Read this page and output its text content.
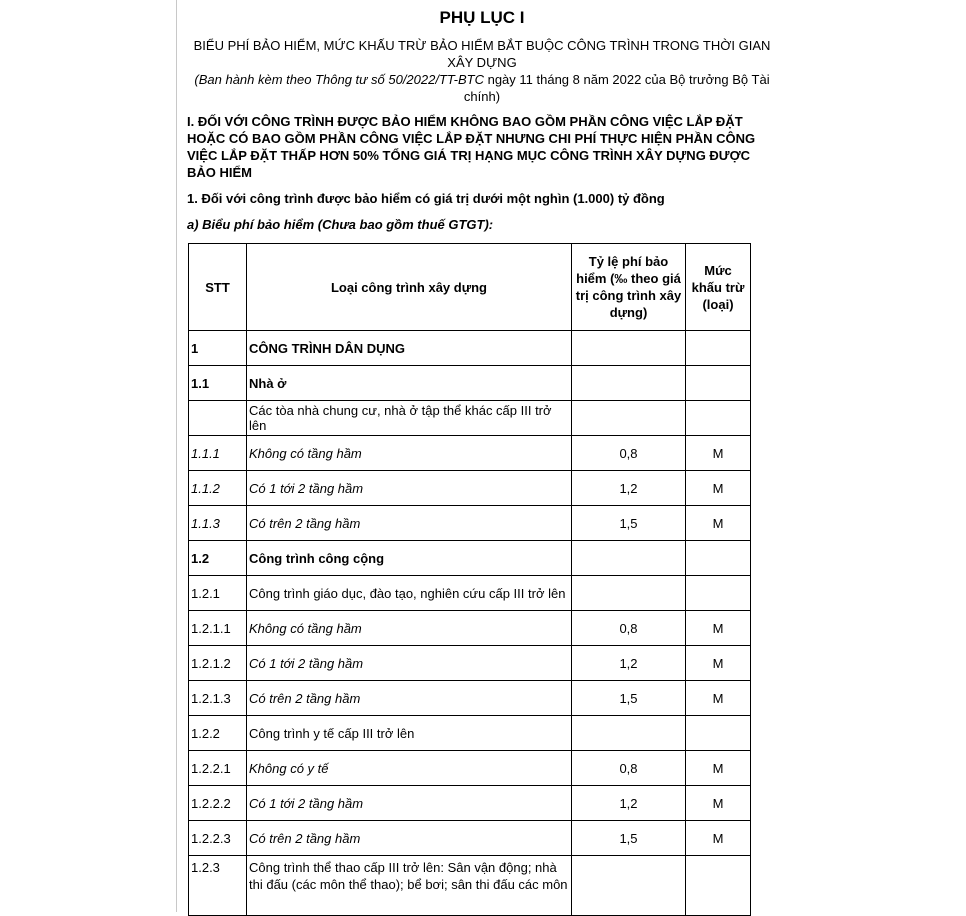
PHỤ LỤC I
BIỂU PHÍ BẢO HIỂM, MỨC KHẤU TRỪ BẢO HIỂM BẮT BUỘC CÔNG TRÌNH TRONG THỜI GIAN XÂY DỰNG
(Ban hành kèm theo Thông tư số 50/2022/TT-BTC ngày 11 tháng 8 năm 2022 của Bộ trưởng Bộ Tài chính)
I. ĐỐI VỚI CÔNG TRÌNH ĐƯỢC BẢO HIỂM KHÔNG BAO GỒM PHẦN CÔNG VIỆC LẮP ĐẶT HOẶC CÓ BAO GỒM PHẦN CÔNG VIỆC LẮP ĐẶT NHƯNG CHI PHÍ THỰC HIỆN PHẦN CÔNG VIỆC LẮP ĐẶT THẤP HƠN 50% TỔNG GIÁ TRỊ HẠNG MỤC CÔNG TRÌNH XÂY DỰNG ĐƯỢC BẢO HIỂM
1. Đối với công trình được bảo hiểm có giá trị dưới một nghìn (1.000) tỷ đồng
a) Biểu phí bảo hiểm (Chưa bao gồm thuế GTGT):
STT	Loại công trình xây dựng	Tỷ lệ phí bảo hiểm (‰ theo giá trị công trình xây dựng)	Mức khấu trừ (loại)
1	CÔNG TRÌNH DÂN DỤNG		
1.1	Nhà ở		
	Các tòa nhà chung cư, nhà ở tập thể khác cấp III trở lên		
1.1.1	Không có tầng hầm	0,8	M
1.1.2	Có 1 tới 2 tầng hầm	1,2	M
1.1.3	Có trên 2 tầng hầm	1,5	M
1.2	Công trình công cộng		
1.2.1	Công trình giáo dục, đào tạo, nghiên cứu cấp III trở lên		
1.2.1.1	Không có tầng hầm	0,8	M
1.2.1.2	Có 1 tới 2 tầng hầm	1,2	M
1.2.1.3	Có trên 2 tầng hầm	1,5	M
1.2.2	Công trình y tế cấp III trở lên		
1.2.2.1	Không có y tế	0,8	M
1.2.2.2	Có 1 tới 2 tầng hầm	1,2	M
1.2.2.3	Có trên 2 tầng hầm	1,5	M
1.2.3	Công trình thể thao cấp III trở lên: Sân vận động; nhà thi đấu (các môn thể thao); bể bơi; sân thi đấu các môn		
